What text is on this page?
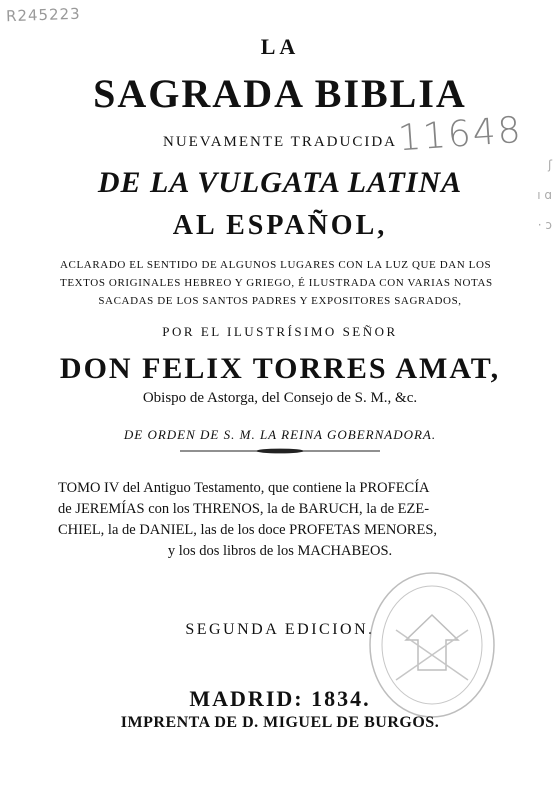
R245223
11648
ʃ
ı ɑ
· ɔ
LA
SAGRADA BIBLIA
NUEVAMENTE TRADUCIDA
DE LA VULGATA LATINA
AL ESPAÑOL,
ACLARADO EL SENTIDO DE ALGUNOS LUGARES CON LA LUZ QUE DAN LOS
TEXTOS ORIGINALES HEBREO Y GRIEGO, É ILUSTRADA CON VARIAS NOTAS
SACADAS DE LOS SANTOS PADRES Y EXPOSITORES SAGRADOS,
POR EL ILUSTRÍSIMO SEÑOR
DON FELIX TORRES AMAT,
Obispo de Astorga, del Consejo de S. M., &c.
DE ORDEN DE S. M. LA REINA GOBERNADORA.
TOMO IV del Antiguo Testamento, que contiene la PROFECÍA
de JEREMÍAS con los THRENOS, la de BARUCH, la de EZE-
CHIEL, la de DANIEL, las de los doce PROFETAS MENORES,
y los dos libros de los MACHABEOS.
SEGUNDA EDICION.
MADRID: 1834.
IMPRENTA DE D. MIGUEL DE BURGOS.
